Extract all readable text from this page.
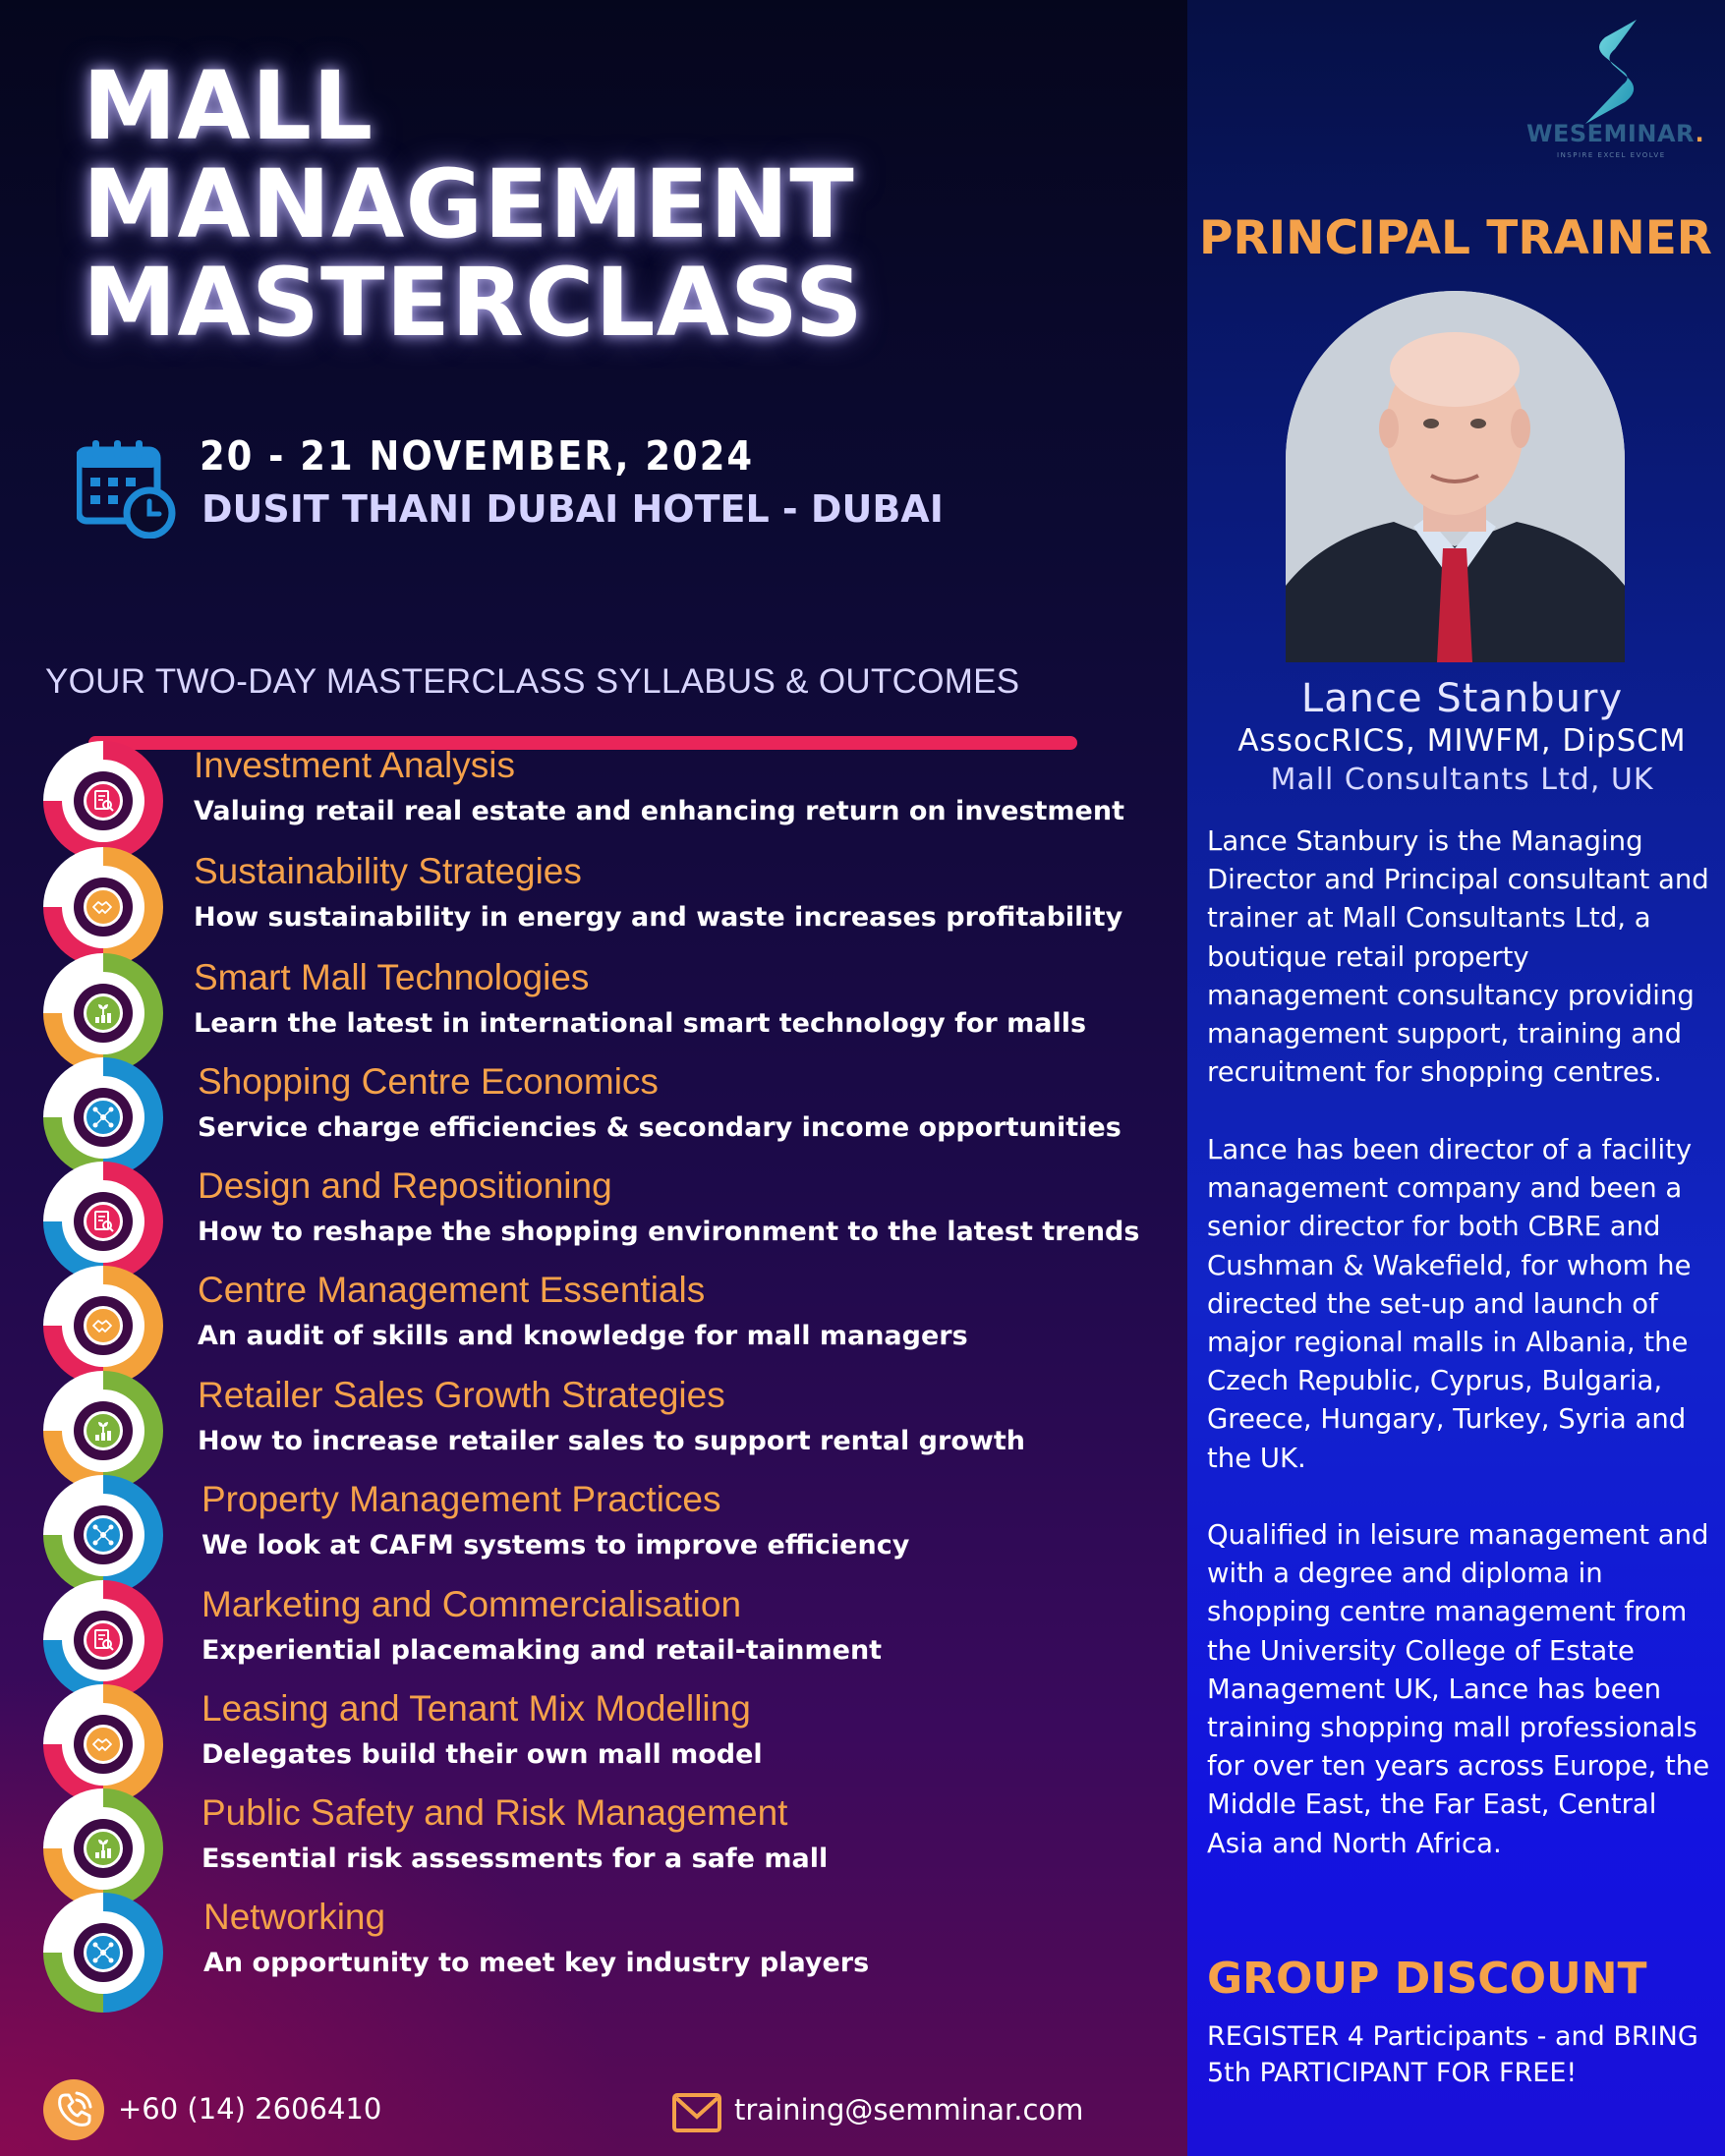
MALL
MANAGEMENT
MASTERCLASS
20 - 21 NOVEMBER, 2024
DUSIT THANI DUBAI HOTEL - DUBAI
YOUR TWO-DAY MASTERCLASS SYLLABUS & OUTCOMES
Investment Analysis
Valuing retail real estate and enhancing return on investment
Sustainability Strategies
How sustainability in energy and waste increases profitability
Smart Mall Technologies
Learn the latest in international smart technology for malls
Shopping Centre Economics
Service charge efficiencies & secondary income opportunities
Design and Repositioning
How to reshape the shopping environment to the latest trends
Centre Management Essentials
An audit of skills and knowledge for mall managers
Retailer Sales Growth Strategies
How to increase retailer sales to support rental growth
Property Management Practices
We look at CAFM systems to improve efficiency
Marketing and Commercialisation
Experiential placemaking and retail-tainment
Leasing and Tenant Mix Modelling
Delegates build their own mall model
Public Safety and Risk Management
Essential risk assessments for a safe mall
Networking
An opportunity to meet key industry players
WESEMINAR.
INSPIRE EXCEL EVOLVE
PRINCIPAL TRAINER
Lance Stanbury
AssocRICS, MIWFM, DipSCM
Mall Consultants Ltd, UK

Lance Stanbury is the Managing Director and Principal consultant and trainer at Mall Consultants Ltd, a boutique retail property management consultancy providing management support, training and recruitment for shopping centres.

Lance has been director of a facility management company and been a senior director for both CBRE and Cushman & Wakefield, for whom he directed the set-up and launch of major regional malls in Albania, the Czech Republic, Cyprus, Bulgaria, Greece, Hungary, Turkey, Syria and the UK.

Qualified in leisure management and with a degree and diploma in shopping centre management from the University College of Estate Management UK, Lance has been training shopping mall professionals for over ten years across Europe, the Middle East, the Far East, Central Asia and North Africa.

GROUP DISCOUNT
REGISTER 4 Participants - and BRING 5th PARTICIPANT FOR FREE!
+60 (14) 2606410	training@semminar.com
